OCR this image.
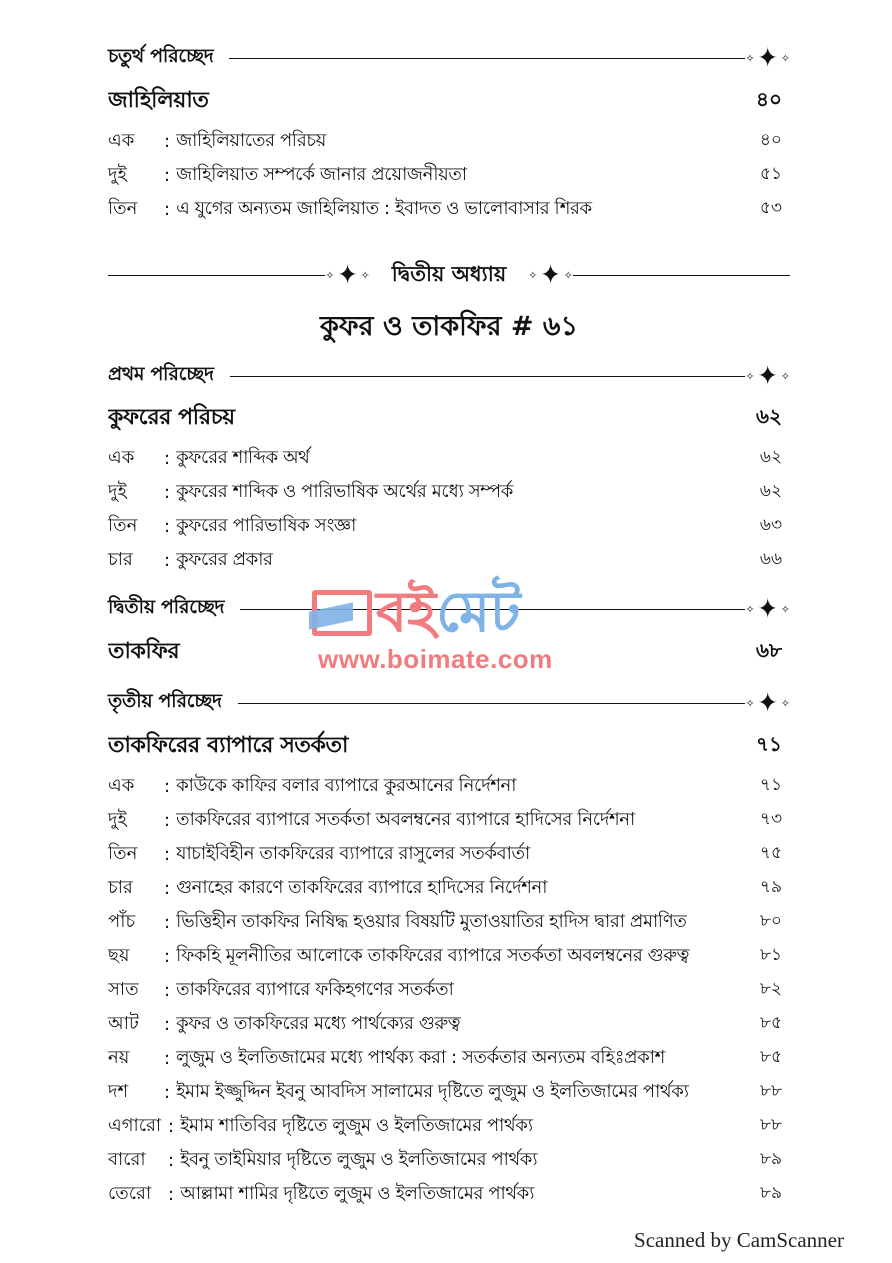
চতুর্থ পরিচ্ছেদ	✧ ✦ ✧
জাহিলিয়াত	৪০
এক	: জাহিলিয়াতের পরিচয়	৪০
দুই	: জাহিলিয়াত সম্পর্কে জানার প্রয়োজনীয়তা	৫১
তিন	: এ যুগের অন্যতম জাহিলিয়াত : ইবাদত ও ভালোবাসার শিরক	৫৩
✧ ✦ ✧ দ্বিতীয় অধ্যায় ✧ ✦ ✧
কুফর ও তাকফির # ৬১
প্রথম পরিচ্ছেদ	✧ ✦ ✧
কুফরের পরিচয়	৬২
এক	: কুফরের শাব্দিক অর্থ	৬২
দুই	: কুফরের শাব্দিক ও পারিভাষিক অর্থের মধ্যে সম্পর্ক	৬২
তিন	: কুফরের পারিভাষিক সংজ্ঞা	৬৩
চার	: কুফরের প্রকার	৬৬
দ্বিতীয় পরিচ্ছেদ	✧ ✦ ✧
তাকফির	৬৮
তৃতীয় পরিচ্ছেদ	✧ ✦ ✧
তাকফিরের ব্যাপারে সতর্কতা	৭১
এক	: কাউকে কাফির বলার ব্যাপারে কুরআনের নির্দেশনা	৭১
দুই	: তাকফিরের ব্যাপারে সতর্কতা অবলম্বনের ব্যাপারে হাদিসের নির্দেশনা	৭৩
তিন	: যাচাইবিহীন তাকফিরের ব্যাপারে রাসুলের সতর্কবার্তা	৭৫
চার	: গুনাহের কারণে তাকফিরের ব্যাপারে হাদিসের নির্দেশনা	৭৯
পাঁচ	: ভিত্তিহীন তাকফির নিষিদ্ধ হওয়ার বিষয়টি মুতাওয়াতির হাদিস দ্বারা প্রমাণিত	৮০
ছয়	: ফিকহি মূলনীতির আলোকে তাকফিরের ব্যাপারে সতর্কতা অবলম্বনের গুরুত্ব	৮১
সাত	: তাকফিরের ব্যাপারে ফকিহগণের সতর্কতা	৮২
আট	: কুফর ও তাকফিরের মধ্যে পার্থক্যের গুরুত্ব	৮৫
নয়	: লুজুম ও ইলতিজামের মধ্যে পার্থক্য করা : সতর্কতার অন্যতম বহিঃপ্রকাশ	৮৫
দশ	: ইমাম ইজ্জুদ্দিন ইবনু আবদিস সালামের দৃষ্টিতে লুজুম ও ইলতিজামের পার্থক্য	৮৮
এগারো : ইমাম শাতিবির দৃষ্টিতে লুজুম ও ইলতিজামের পার্থক্য	৮৮
বারো	: ইবনু তাইমিয়ার দৃষ্টিতে লুজুম ও ইলতিজামের পার্থক্য	৮৯
তেরো : আল্লামা শামির দৃষ্টিতে লুজুম ও ইলতিজামের পার্থক্য	৮৯
বই মেট
www.boimate.com
Scanned by CamScanner
